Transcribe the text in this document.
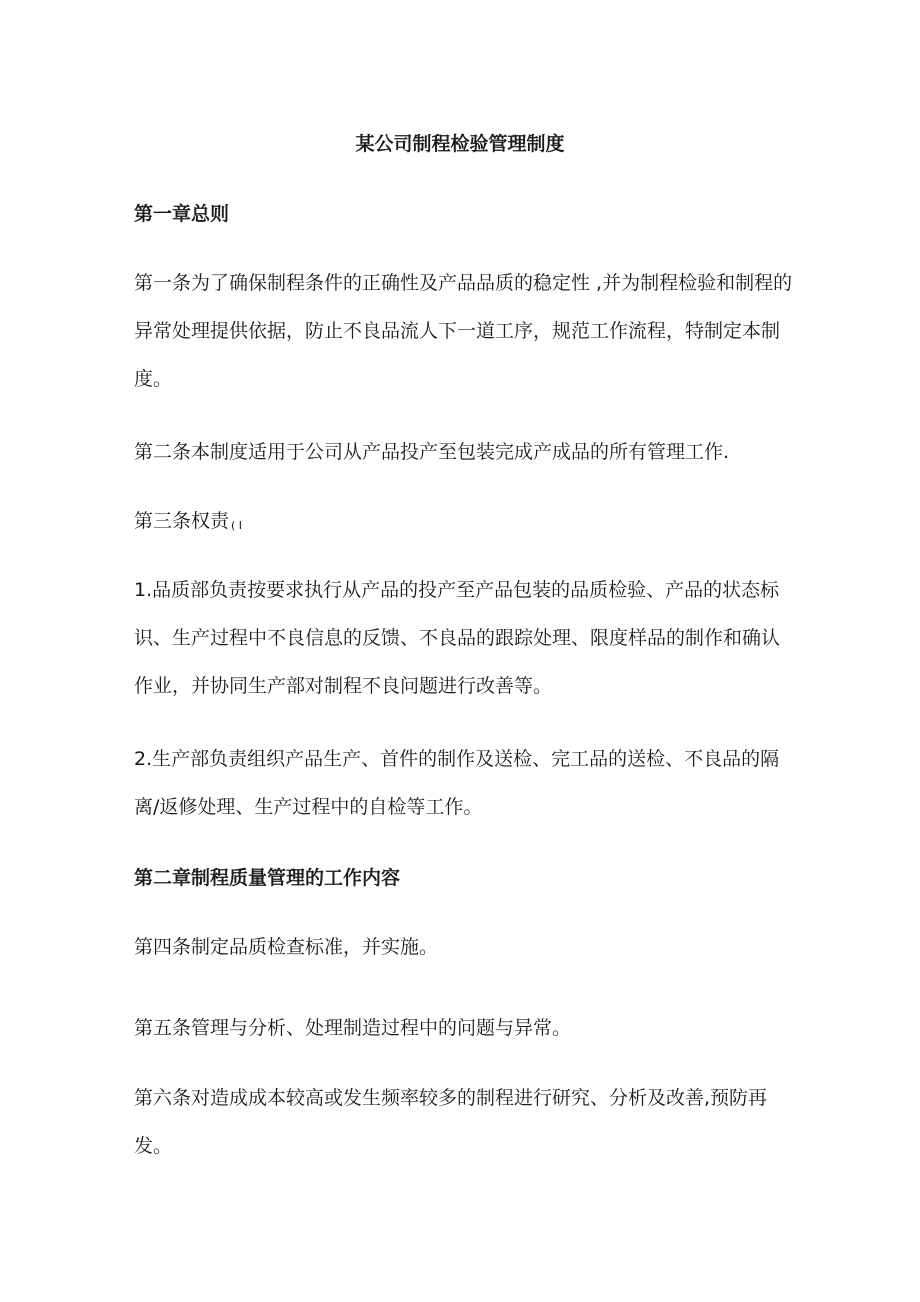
某公司制程检验管理制度

第一章总则

第一条为了确保制程条件的正确性及产品品质的稳定性 ,并为制程检验和制程的异常处理提供依据，防止不良品流人下一道工序，规范工作流程，特制定本制度。

第二条本制度适用于公司从产品投产至包装完成产成品的所有管理工作.

第三条权责 ( I

1.品质部负责按要求执行从产品的投产至产品包装的品质检验、产品的状态标识、生产过程中不良信息的反馈、不良品的跟踪处理、限度样品的制作和确认作业，并协同生产部对制程不良问题进行改善等。

2.生产部负责组织产品生产、首件的制作及送检、完工品的送检、不良品的隔离/返修处理、生产过程中的自检等工作。

第二章制程质量管理的工作内容

第四条制定品质检查标准，并实施。

第五条管理与分析、处理制造过程中的问题与异常。

第六条对造成成本较高或发生频率较多的制程进行研究、分析及改善,预防再发。
